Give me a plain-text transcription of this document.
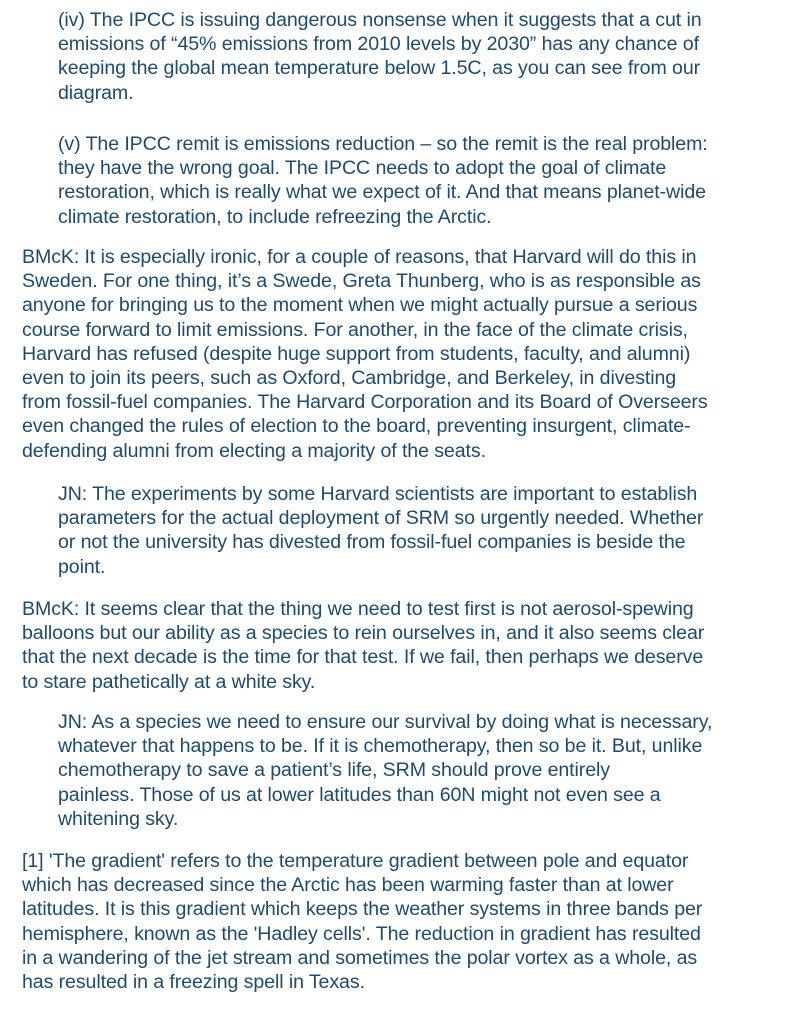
(iv) The IPCC is issuing dangerous nonsense when it suggests that a cut in
emissions of “45% emissions from 2010 levels by 2030” has any chance of
keeping the global mean temperature below 1.5C, as you can see from our
diagram.

(v) The IPCC remit is emissions reduction – so the remit is the real problem:
they have the wrong goal. The IPCC needs to adopt the goal of climate
restoration, which is really what we expect of it. And that means planet-wide
climate restoration, to include refreezing the Arctic.

BMcK: It is especially ironic, for a couple of reasons, that Harvard will do this in
Sweden. For one thing, it’s a Swede, Greta Thunberg, who is as responsible as
anyone for bringing us to the moment when we might actually pursue a serious
course forward to limit emissions. For another, in the face of the climate crisis,
Harvard has refused (despite huge support from students, faculty, and alumni)
even to join its peers, such as Oxford, Cambridge, and Berkeley, in divesting
from fossil-fuel companies. The Harvard Corporation and its Board of Overseers
even changed the rules of election to the board, preventing insurgent, climate-
defending alumni from electing a majority of the seats.

JN: The experiments by some Harvard scientists are important to establish
parameters for the actual deployment of SRM so urgently needed. Whether
or not the university has divested from fossil-fuel companies is beside the
point.

BMcK: It seems clear that the thing we need to test first is not aerosol-spewing
balloons but our ability as a species to rein ourselves in, and it also seems clear
that the next decade is the time for that test. If we fail, then perhaps we deserve
to stare pathetically at a white sky.

JN: As a species we need to ensure our survival by doing what is necessary,
whatever that happens to be. If it is chemotherapy, then so be it. But, unlike
chemotherapy to save a patient’s life, SRM should prove entirely
painless. Those of us at lower latitudes than 60N might not even see a
whitening sky.

[1] 'The gradient' refers to the temperature gradient between pole and equator
which has decreased since the Arctic has been warming faster than at lower
latitudes. It is this gradient which keeps the weather systems in three bands per
hemisphere, known as the 'Hadley cells'. The reduction in gradient has resulted
in a wandering of the jet stream and sometimes the polar vortex as a whole, as
has resulted in a freezing spell in Texas.
